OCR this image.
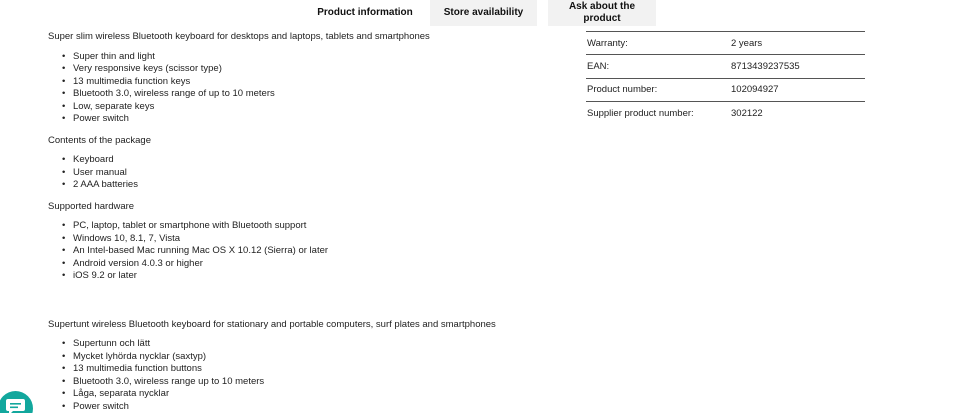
Product information	Store availability
Ask about the product

Super slim wireless Bluetooth keyboard for desktops and laptops, tablets and smartphones

• Super thin and light
• Very responsive keys (scissor type)
• 13 multimedia function keys
• Bluetooth 3.0, wireless range of up to 10 meters
• Low, separate keys
• Power switch

Contents of the package

• Keyboard
• User manual
• 2 AAA batteries

Supported hardware

• PC, laptop, tablet or smartphone with Bluetooth support
• Windows 10, 8.1, 7, Vista
• An Intel-based Mac running Mac OS X 10.12 (Sierra) or later
• Android version 4.0.3 or higher
• iOS 9.2 or later

Supertunt wireless Bluetooth keyboard for stationary and portable computers, surf plates and smartphones

• Supertunn och lätt
• Mycket lyhörda nycklar (saxtyp)
• 13 multimedia function buttons
• Bluetooth 3.0, wireless range up to 10 meters
• Låga, separata nycklar
• Power switch
Warranty:	2 years
EAN:	8713439237535
Product number:	102094927
Supplier product number:	302122
